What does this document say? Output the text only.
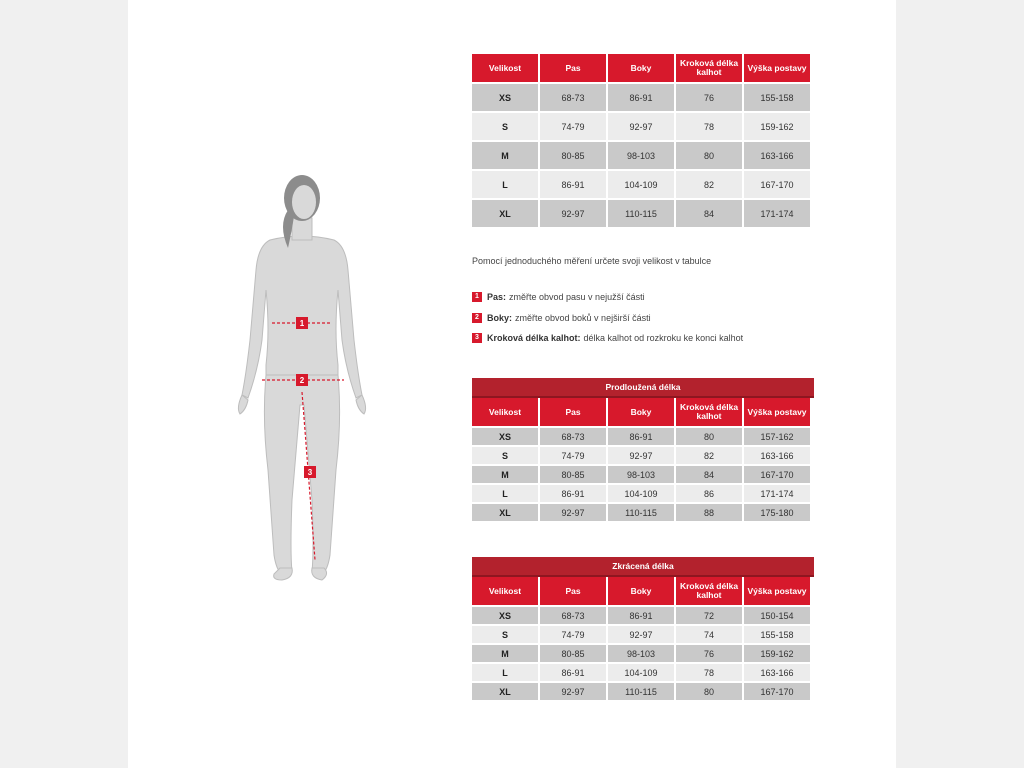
1
2
3
Velikost	Pas	Boky	Kroková délka kalhot	Výška postavy
XS	68-73	86-91	76	155-158
S	74-79	92-97	78	159-162
M	80-85	98-103	80	163-166
L	86-91	104-109	82	167-170
XL	92-97	110-115	84	171-174
Pomocí jednoduchého měření určete svoji velikost v tabulce
1 Pas: změřte obvod pasu v nejužší části
2 Boky: změřte obvod boků v nejširší části
3 Kroková délka kalhot: délka kalhot od rozkroku ke konci kalhot
Prodloužená délka
Velikost	Pas	Boky	Kroková délka kalhot	Výška postavy
XS	68-73	86-91	80	157-162
S	74-79	92-97	82	163-166
M	80-85	98-103	84	167-170
L	86-91	104-109	86	171-174
XL	92-97	110-115	88	175-180
Zkrácená délka
Velikost	Pas	Boky	Kroková délka kalhot	Výška postavy
XS	68-73	86-91	72	150-154
S	74-79	92-97	74	155-158
M	80-85	98-103	76	159-162
L	86-91	104-109	78	163-166
XL	92-97	110-115	80	167-170
